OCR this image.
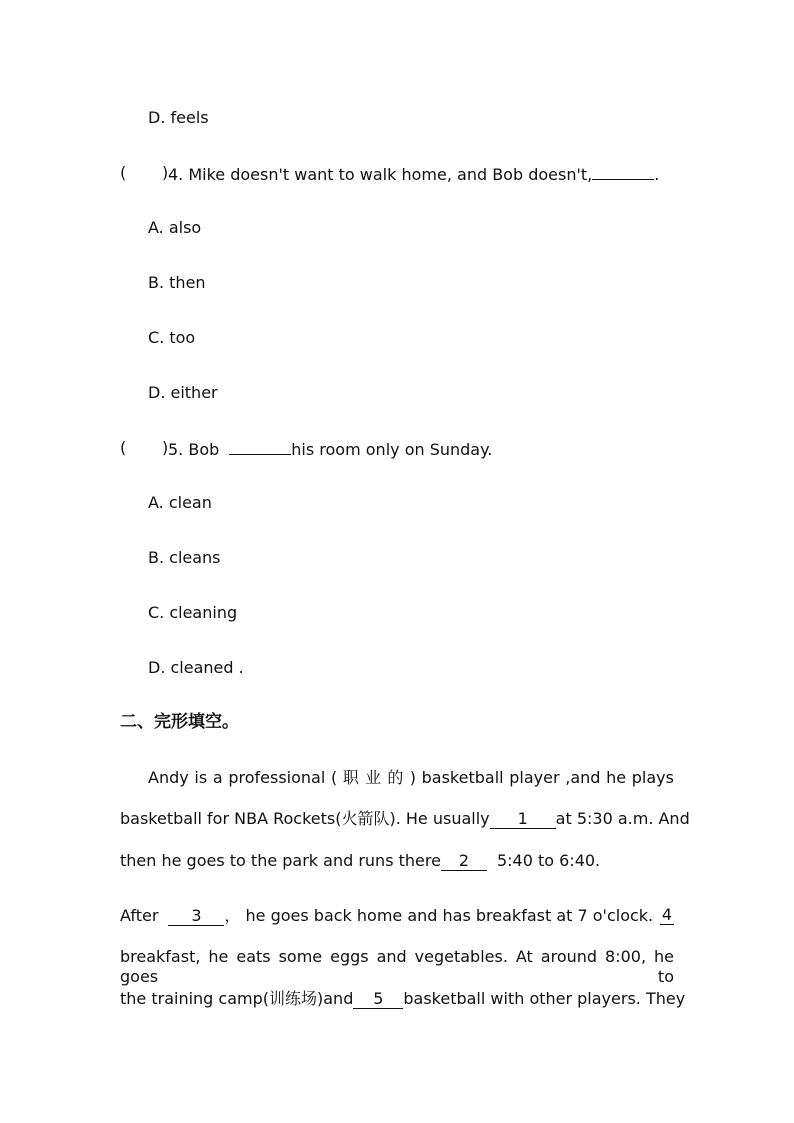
D. feels
( ) 4. Mike doesn't want to walk home, and Bob doesn't,	.
A. also
B. then
C. too
D. either
( ) 5. Bob	his room only on Sunday.
A. clean
B. cleans
C. cleaning
D. cleaned .
二、完形填空。
Andy is a professional ( 职 业 的 ) basketball player ,and he plays
basketball for NBA Rockets(火箭队). He usually 1 at 5:30 a.m. And
then he goes to the park and runs there 2 5:40 to 6:40.
After 3 ， he goes back home and has breakfast at 7 o'clock. 4
breakfast, he eats some eggs and vegetables. At around 8:00, he goes to
the training camp(训练场)and 5 basketball with other players. They
